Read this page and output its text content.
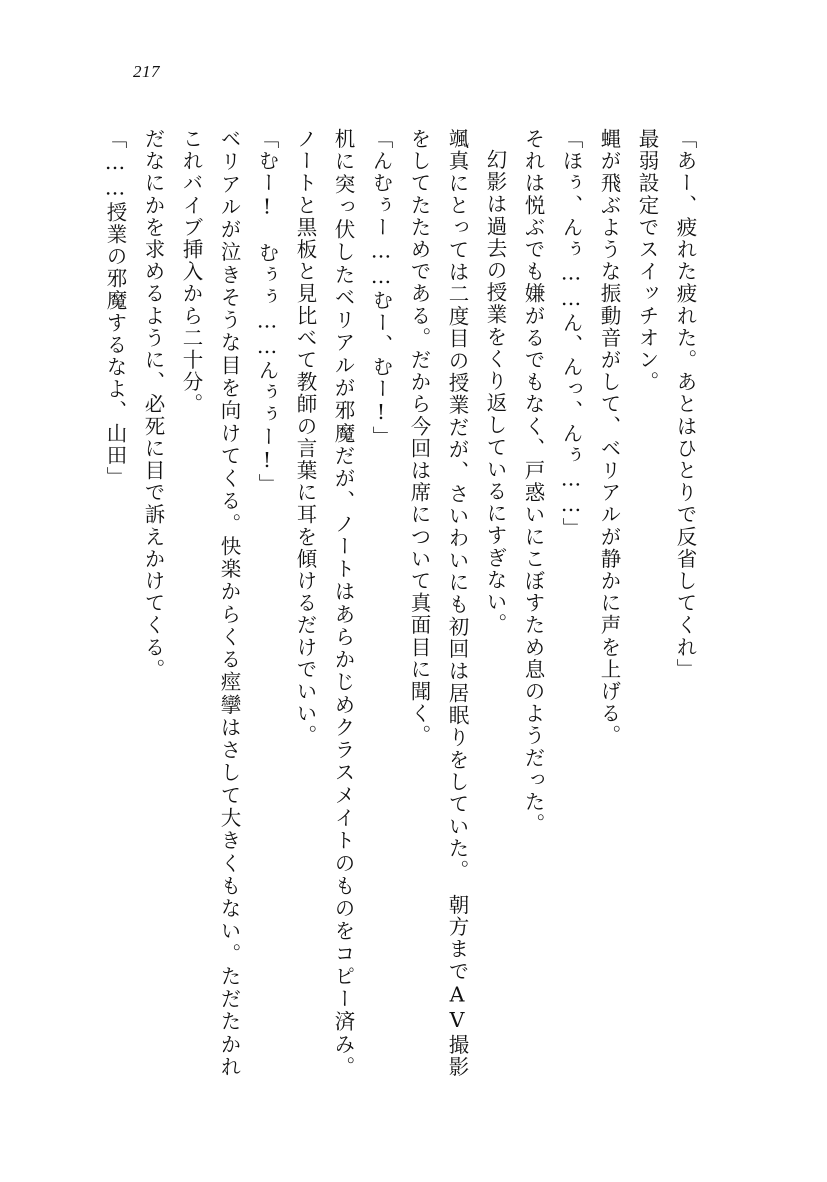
217
「あー、疲れた疲れた。あとはひとりで反省してくれ」
最弱設定でスイッチオン。
蝿が飛ぶような振動音がして、ベリアルが静かに声を上げる。
「ほぅ、んぅ……ん、んっ、んぅ……」
それは悦ぶでも嫌がるでもなく、戸惑いにこぼすため息のようだった。
幻影は過去の授業をくり返しているにすぎない。
颯真にとっては二度目の授業だが、さいわいにも初回は居眠りをしていた。　朝方までAV撮影をしてたためである。だから今回は席について真面目に聞く。
「んむぅー……むー、むー!」
机に突っ伏したベリアルが邪魔だが、ノートはあらかじめクラスメイトのものをコピー済み。ノートと黒板と見比べて教師の言葉に耳を傾けるだけでいい。
「むー!　むぅぅ……んぅぅー!」
ベリアルが泣きそうな目を向けてくる。快楽からくる痙攣はさして大きくもない。ただたかれこれバイブ挿入から二十分。
だなにかを求めるように、必死に目で訴えかけてくる。
「……授業の邪魔するなよ、山田」
